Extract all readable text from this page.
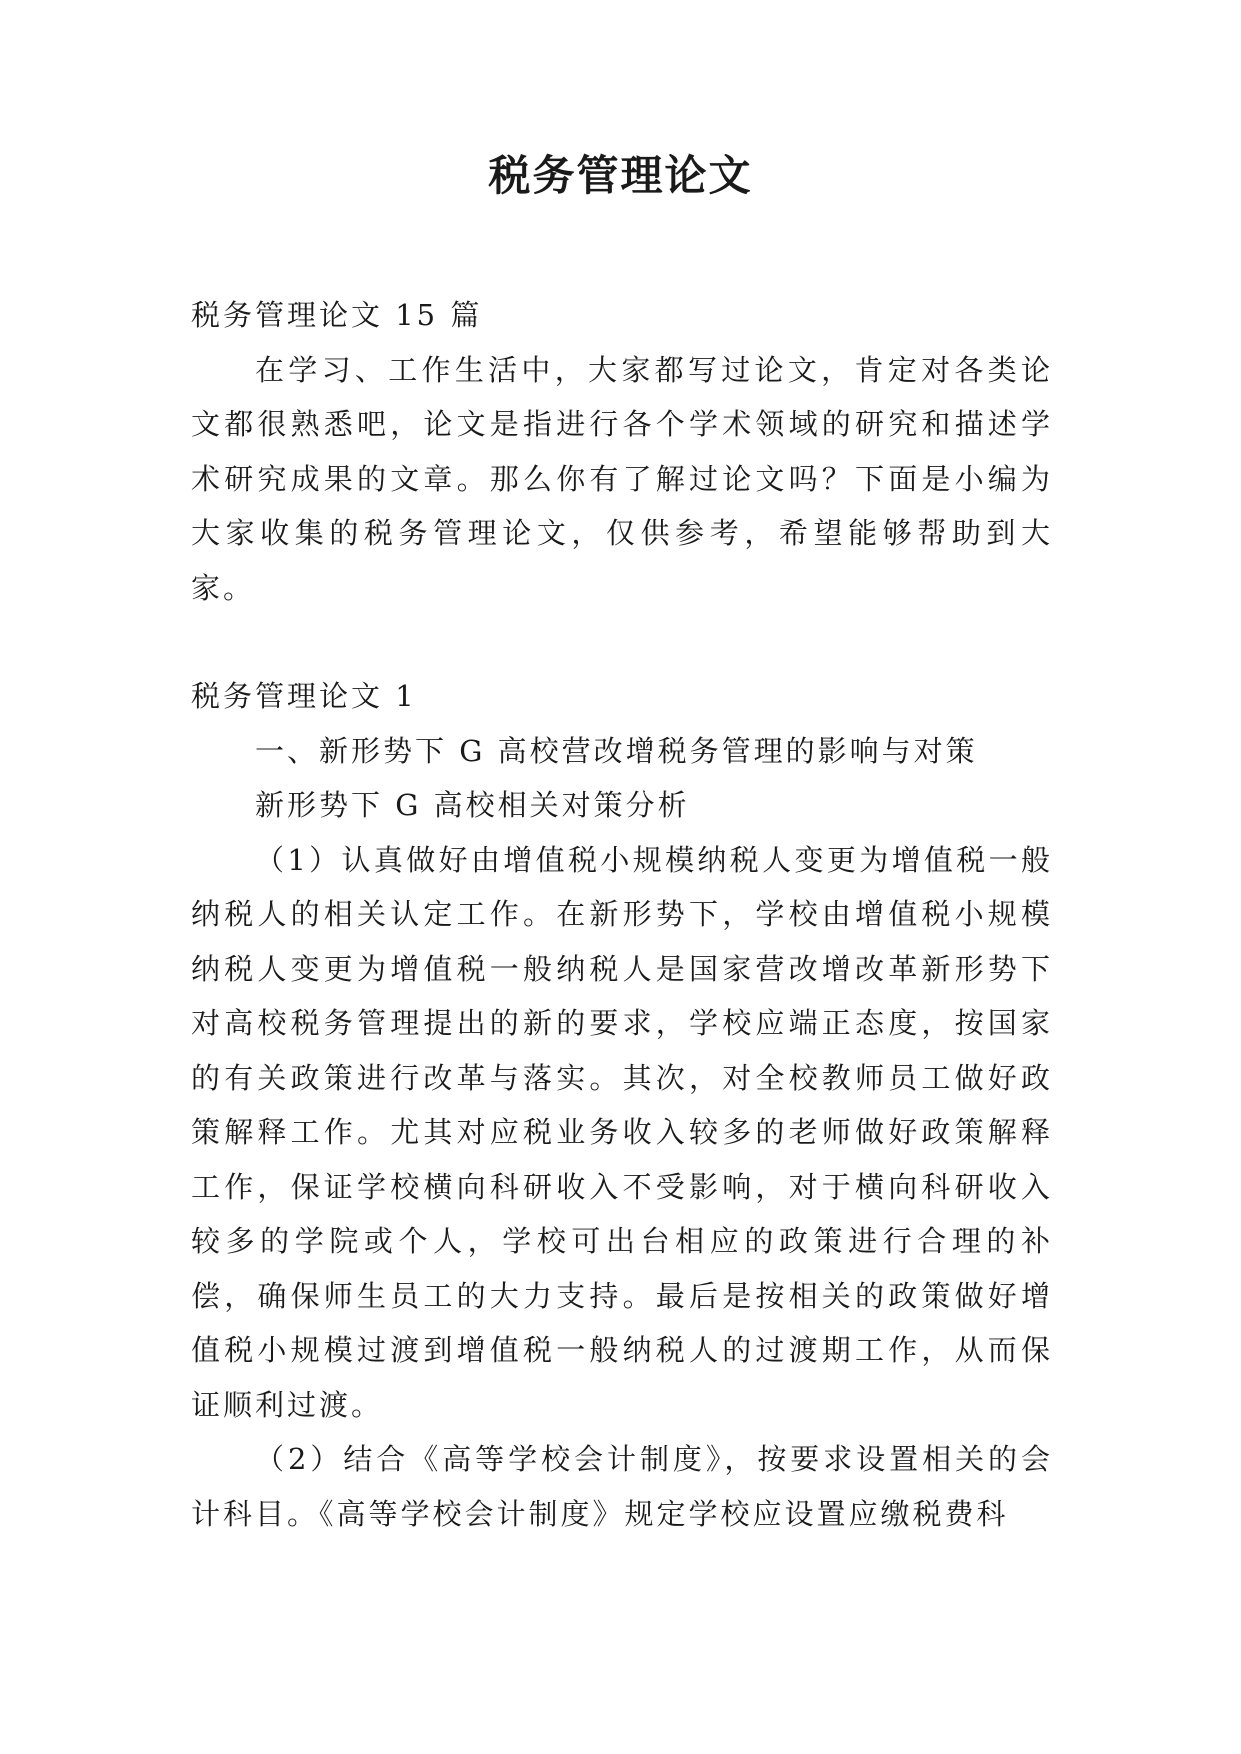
税务管理论文

税务管理论文 15 篇

在学习、工作生活中，大家都写过论文，肯定对各类论文都很熟悉吧，论文是指进行各个学术领域的研究和描述学术研究成果的文章。那么你有了解过论文吗？下面是小编为大家收集的税务管理论文，仅供参考，希望能够帮助到大家。

税务管理论文 1

一、新形势下 G 高校营改增税务管理的影响与对策

新形势下 G 高校相关对策分析

（1）认真做好由增值税小规模纳税人变更为增值税一般纳税人的相关认定工作。在新形势下，学校由增值税小规模纳税人变更为增值税一般纳税人是国家营改增改革新形势下对高校税务管理提出的新的要求，学校应端正态度，按国家的有关政策进行改革与落实。其次，对全校教师员工做好政策解释工作。尤其对应税业务收入较多的老师做好政策解释工作，保证学校横向科研收入不受影响，对于横向科研收入较多的学院或个人，学校可出台相应的政策进行合理的补偿，确保师生员工的大力支持。最后是按相关的政策做好增值税小规模过渡到增值税一般纳税人的过渡期工作，从而保证顺利过渡。

（2）结合《高等学校会计制度》，按要求设置相关的会计科目。《高等学校会计制度》规定学校应设置应缴税费科
